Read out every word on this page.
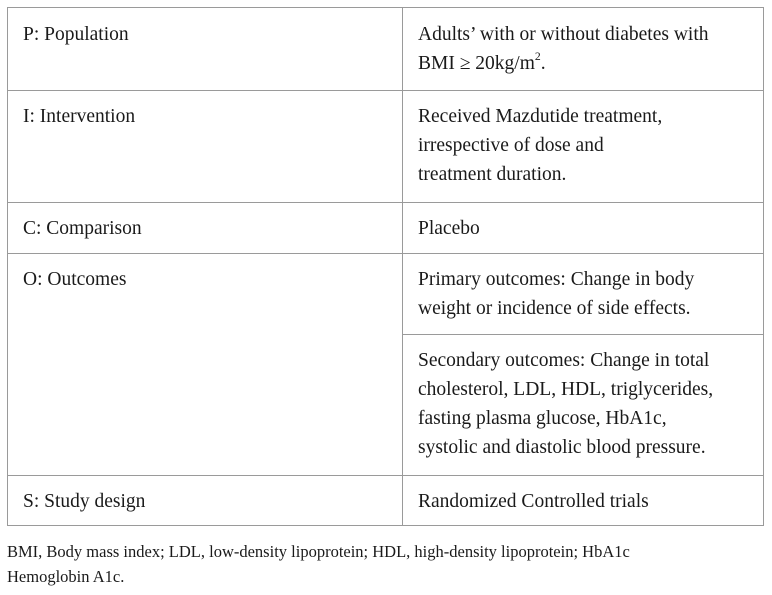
P: Population	Adults’ with or without diabetes with
BMI ≥ $20kg/m^2$.

I: Intervention	Received Mazdutide treatment,
irrespective of dose and
treatment duration.

C: Comparison	Placebo

O: Outcomes	Primary outcomes: Change in body
weight or incidence of side effects.

	Secondary outcomes: Change in total
cholesterol, LDL, HDL, triglycerides,
fasting plasma glucose, HbA1c,
systolic and diastolic blood pressure.

S: Study design	Randomized Controlled trials
BMI, Body mass index; LDL, low-density lipoprotein; HDL, high-density lipoprotein; HbA1c
Hemoglobin A1c.
